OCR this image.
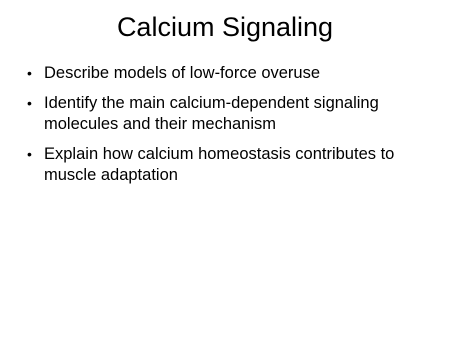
Calcium Signaling
• Describe models of low-force overuse
• Identify the main calcium-dependent signaling molecules and their mechanism
• Explain how calcium homeostasis contributes to muscle adaptation
